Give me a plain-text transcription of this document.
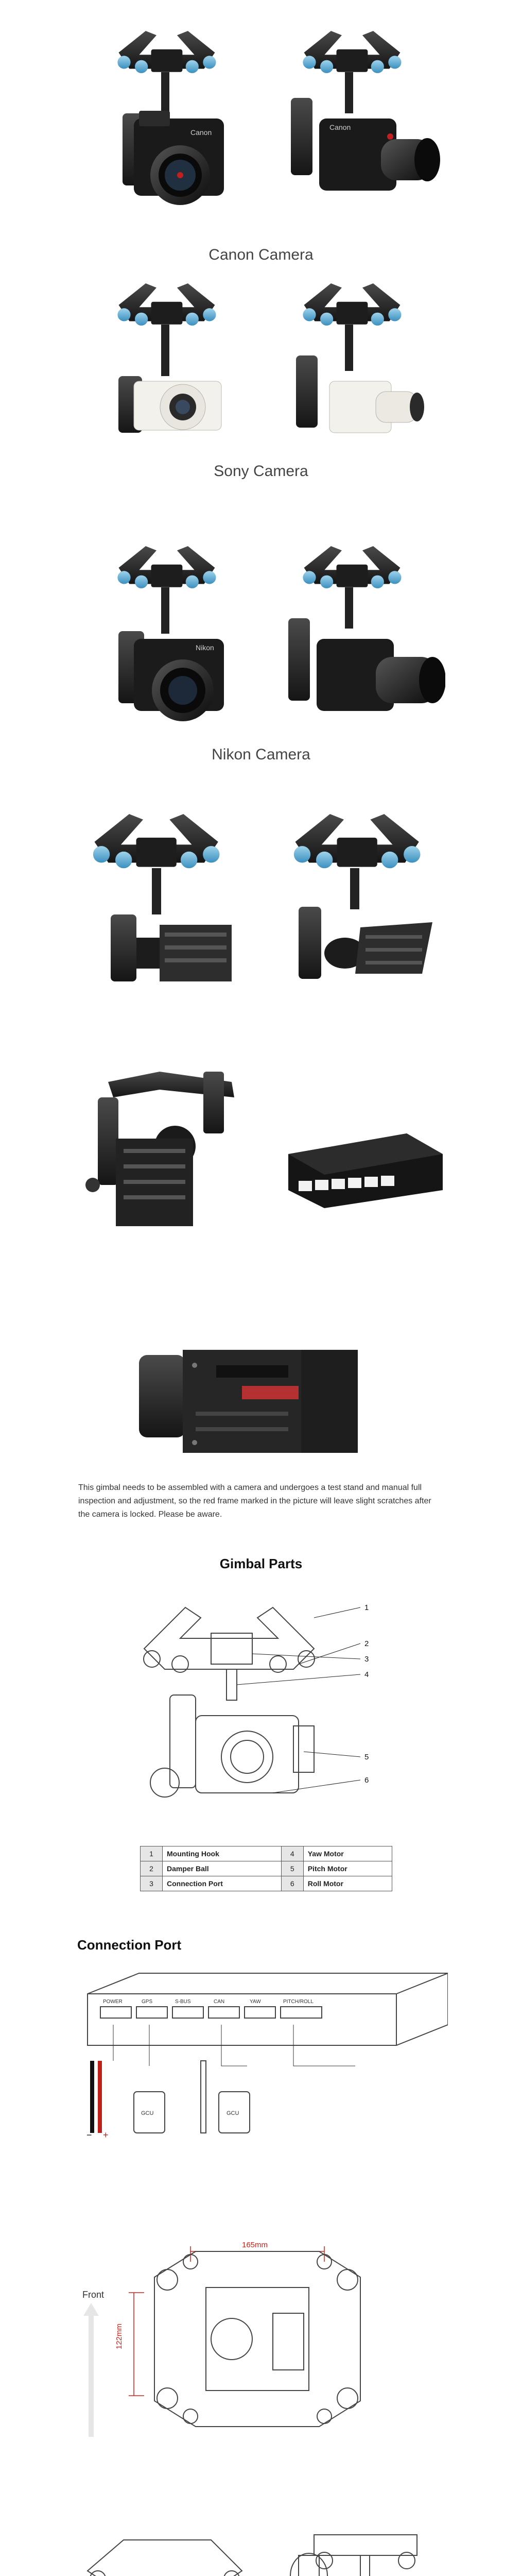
Canon
Canon
Canon Camera
Sony Camera
Nikon
Nikon Camera
This gimbal needs to be assembled with a camera and undergoes a test stand and manual full inspection and adjustment, so the red frame marked in the picture will leave slight scratches after the camera is locked. Please be aware.
Gimbal Parts
1
2
3
4
5
6
1	Mounting Hook	4	Yaw Motor
2	Damper Ball	5	Pitch Motor
3	Connection Port	6	Roll Motor
Connection Port
POWER	GPS	S-BUS	CAN	YAW	PITCH/ROLL
− +
GCU	GCU
Front
165mm
122mm
